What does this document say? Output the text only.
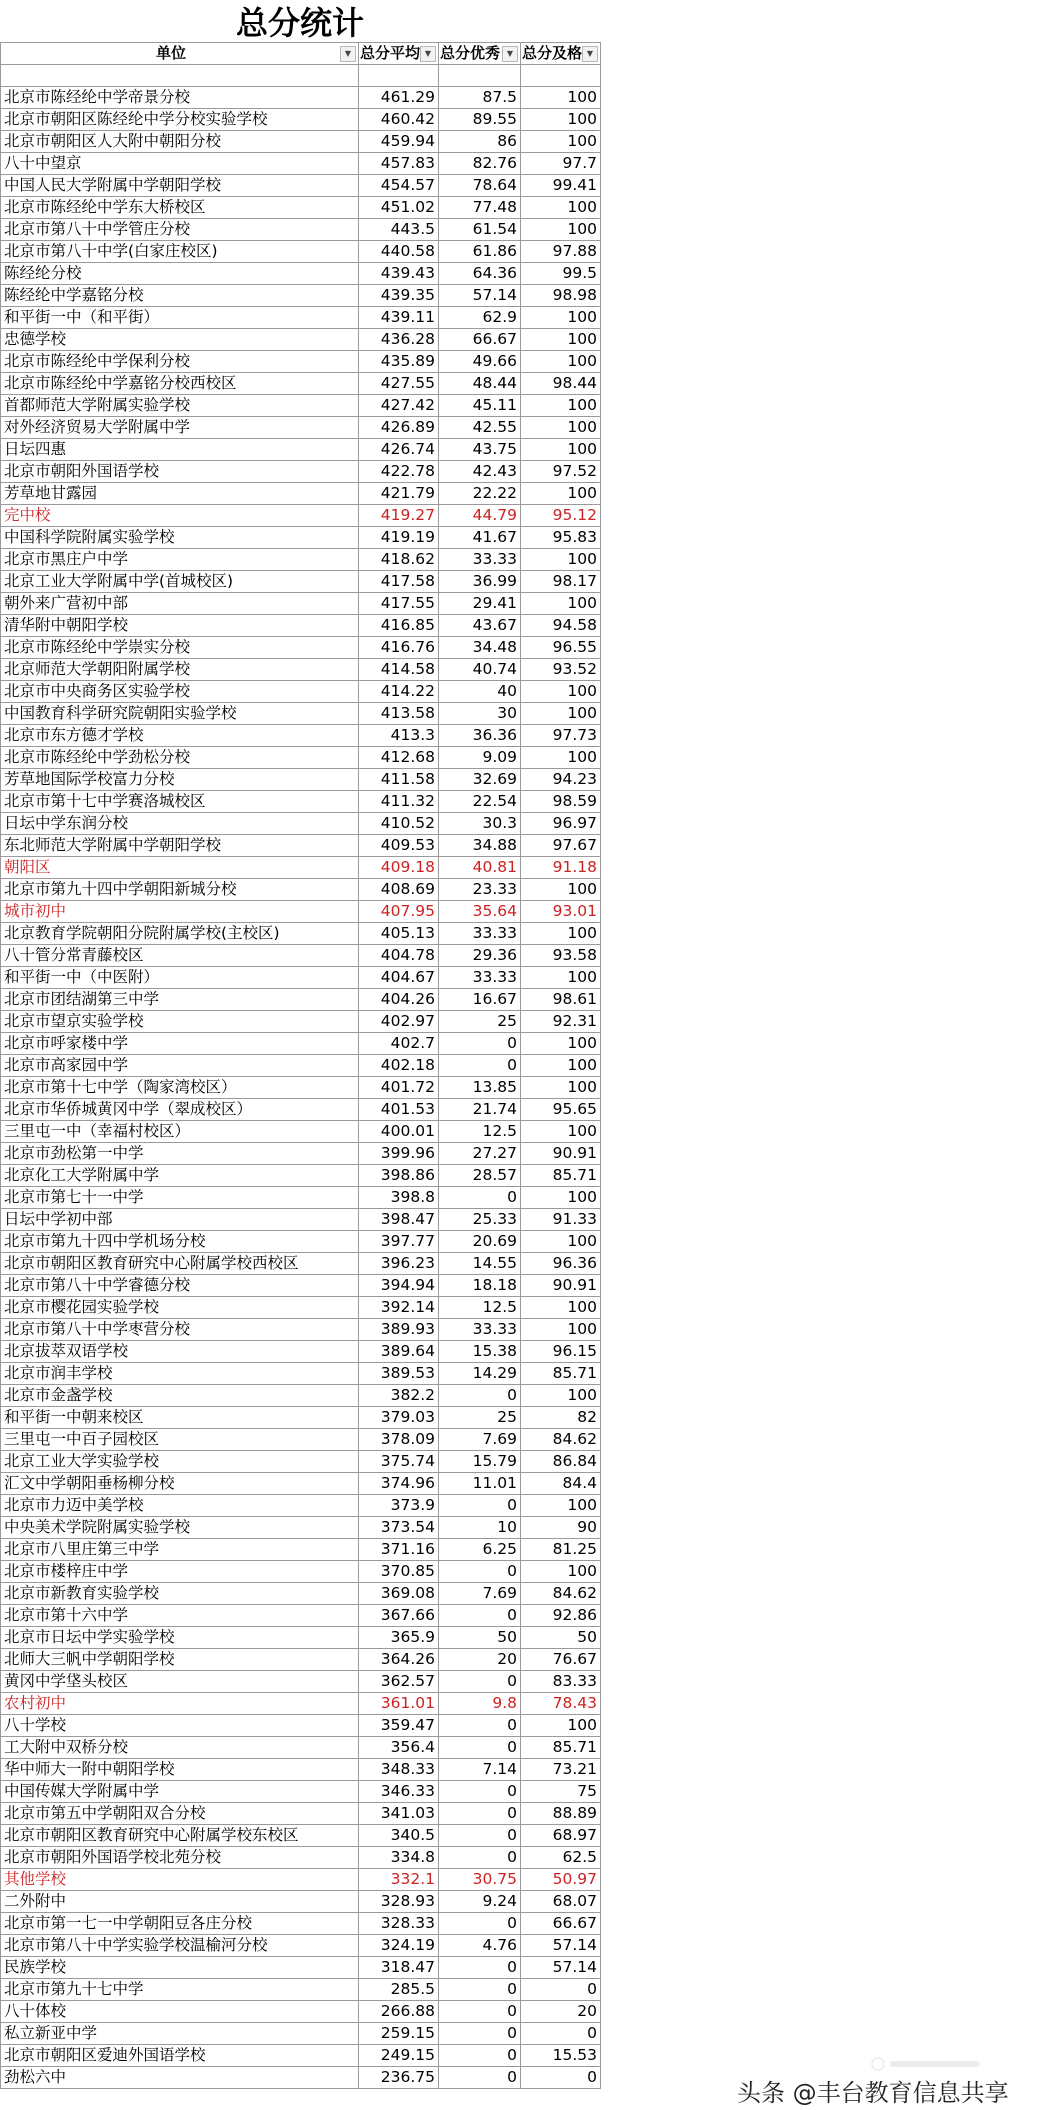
总分统计
单位 ▼	总分平均 ▼	总分优秀 ▼	总分及格 ▼

北京市陈经纶中学帝景分校	461.29	87.5	100
北京市朝阳区陈经纶中学分校实验学校	460.42	89.55	100
北京市朝阳区人大附中朝阳分校	459.94	86	100
八十中望京	457.83	82.76	97.7
中国人民大学附属中学朝阳学校	454.57	78.64	99.41
北京市陈经纶中学东大桥校区	451.02	77.48	100
北京市第八十中学管庄分校	443.5	61.54	100
北京市第八十中学(白家庄校区)	440.58	61.86	97.88
陈经纶分校	439.43	64.36	99.5
陈经纶中学嘉铭分校	439.35	57.14	98.98
和平街一中（和平街）	439.11	62.9	100
忠德学校	436.28	66.67	100
北京市陈经纶中学保利分校	435.89	49.66	100
北京市陈经纶中学嘉铭分校西校区	427.55	48.44	98.44
首都师范大学附属实验学校	427.42	45.11	100
对外经济贸易大学附属中学	426.89	42.55	100
日坛四惠	426.74	43.75	100
北京市朝阳外国语学校	422.78	42.43	97.52
芳草地甘露园	421.79	22.22	100
完中校	419.27	44.79	95.12
中国科学院附属实验学校	419.19	41.67	95.83
北京市黑庄户中学	418.62	33.33	100
北京工业大学附属中学(首城校区)	417.58	36.99	98.17
朝外来广营初中部	417.55	29.41	100
清华附中朝阳学校	416.85	43.67	94.58
北京市陈经纶中学崇实分校	416.76	34.48	96.55
北京师范大学朝阳附属学校	414.58	40.74	93.52
北京市中央商务区实验学校	414.22	40	100
中国教育科学研究院朝阳实验学校	413.58	30	100
北京市东方德才学校	413.3	36.36	97.73
北京市陈经纶中学劲松分校	412.68	9.09	100
芳草地国际学校富力分校	411.58	32.69	94.23
北京市第十七中学赛洛城校区	411.32	22.54	98.59
日坛中学东润分校	410.52	30.3	96.97
东北师范大学附属中学朝阳学校	409.53	34.88	97.67
朝阳区	409.18	40.81	91.18
北京市第九十四中学朝阳新城分校	408.69	23.33	100
城市初中	407.95	35.64	93.01
北京教育学院朝阳分院附属学校(主校区)	405.13	33.33	100
八十管分常青藤校区	404.78	29.36	93.58
和平街一中（中医附）	404.67	33.33	100
北京市团结湖第三中学	404.26	16.67	98.61
北京市望京实验学校	402.97	25	92.31
北京市呼家楼中学	402.7	0	100
北京市高家园中学	402.18	0	100
北京市第十七中学（陶家湾校区）	401.72	13.85	100
北京市华侨城黄冈中学（翠成校区）	401.53	21.74	95.65
三里屯一中（幸福村校区）	400.01	12.5	100
北京市劲松第一中学	399.96	27.27	90.91
北京化工大学附属中学	398.86	28.57	85.71
北京市第七十一中学	398.8	0	100
日坛中学初中部	398.47	25.33	91.33
北京市第九十四中学机场分校	397.77	20.69	100
北京市朝阳区教育研究中心附属学校西校区	396.23	14.55	96.36
北京市第八十中学睿德分校	394.94	18.18	90.91
北京市樱花园实验学校	392.14	12.5	100
北京市第八十中学枣营分校	389.93	33.33	100
北京拔萃双语学校	389.64	15.38	96.15
北京市润丰学校	389.53	14.29	85.71
北京市金盏学校	382.2	0	100
和平街一中朝来校区	379.03	25	82
三里屯一中百子园校区	378.09	7.69	84.62
北京工业大学实验学校	375.74	15.79	86.84
汇文中学朝阳垂杨柳分校	374.96	11.01	84.4
北京市力迈中美学校	373.9	0	100
中央美术学院附属实验学校	373.54	10	90
北京市八里庄第三中学	371.16	6.25	81.25
北京市楼梓庄中学	370.85	0	100
北京市新教育实验学校	369.08	7.69	84.62
北京市第十六中学	367.66	0	92.86
北京市日坛中学实验学校	365.9	50	50
北师大三帆中学朝阳学校	364.26	20	76.67
黄冈中学垡头校区	362.57	0	83.33
农村初中	361.01	9.8	78.43
八十学校	359.47	0	100
工大附中双桥分校	356.4	0	85.71
华中师大一附中朝阳学校	348.33	7.14	73.21
中国传媒大学附属中学	346.33	0	75
北京市第五中学朝阳双合分校	341.03	0	88.89
北京市朝阳区教育研究中心附属学校东校区	340.5	0	68.97
北京市朝阳外国语学校北苑分校	334.8	0	62.5
其他学校	332.1	30.75	50.97
二外附中	328.93	9.24	68.07
北京市第一七一中学朝阳豆各庄分校	328.33	0	66.67
北京市第八十中学实验学校温榆河分校	324.19	4.76	57.14
民族学校	318.47	0	57.14
北京市第九十七中学	285.5	0	0
八十体校	266.88	0	20
私立新亚中学	259.15	0	0
北京市朝阳区爱迪外国语学校	249.15	0	15.53
劲松六中	236.75	0	0
头条 @丰台教育信息共享
